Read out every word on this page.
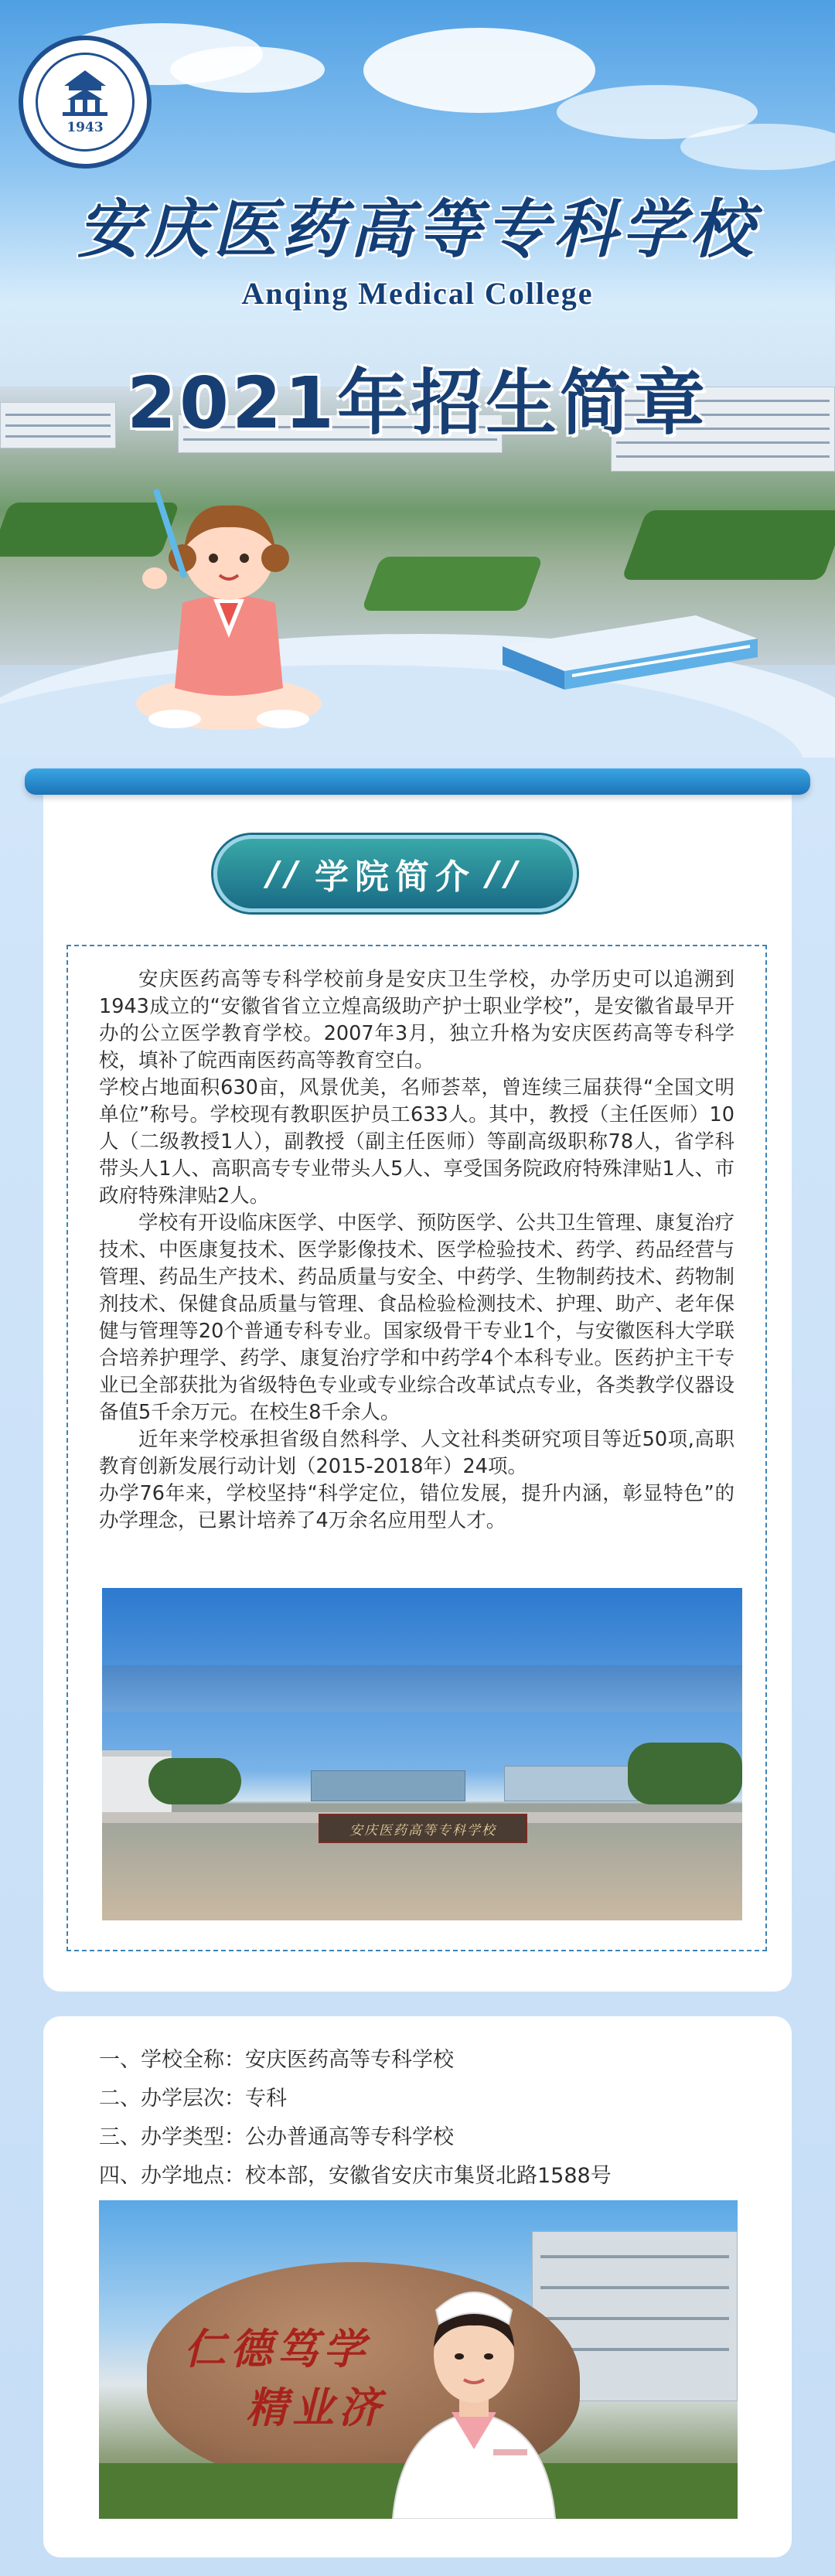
1943
安庆医药高等专科学校
Anqing Medical College
2021年招生简章
// 学院简介 //

安庆医药高等专科学校前身是安庆卫生学校，办学历史可以追溯到1943成立的“安徽省省立立煌高级助产护士职业学校”，是安徽省最早开办的公立医学教育学校。2007年3月，独立升格为安庆医药高等专科学校，填补了皖西南医药高等教育空白。

学校占地面积630亩，风景优美，名师荟萃，曾连续三届获得“全国文明单位”称号。学校现有教职医护员工633人。其中，教授（主任医师）10人（二级教授1人），副教授（副主任医师）等副高级职称78人，省学科带头人1人、高职高专专业带头人5人、享受国务院政府特殊津贴1人、市政府特殊津贴2人。

学校有开设临床医学、中医学、预防医学、公共卫生管理、康复治疗技术、中医康复技术、医学影像技术、医学检验技术、药学、药品经营与管理、药品生产技术、药品质量与安全、中药学、生物制药技术、药物制剂技术、保健食品质量与管理、食品检验检测技术、护理、助产、老年保健与管理等20个普通专科专业。国家级骨干专业1个，与安徽医科大学联合培养护理学、药学、康复治疗学和中药学4个本科专业。医药护主干专业已全部获批为省级特色专业或专业综合改革试点专业，各类教学仪器设备值5千余万元。在校生8千余人。

近年来学校承担省级自然科学、人文社科类研究项目等近50项,高职教育创新发展行动计划（2015-2018年）24项。

办学76年来，学校坚持“科学定位，错位发展，提升内涵，彰显特色”的办学理念，已累计培养了4万余名应用型人才。

安庆医药高等专科学校
一、学校全称： 安庆医药高等专科学校
二、办学层次： 专科
三、办学类型： 公办普通高等专科学校
四、办学地点： 校本部，安徽省安庆市集贤北路1588号
仁德笃学
精业济
